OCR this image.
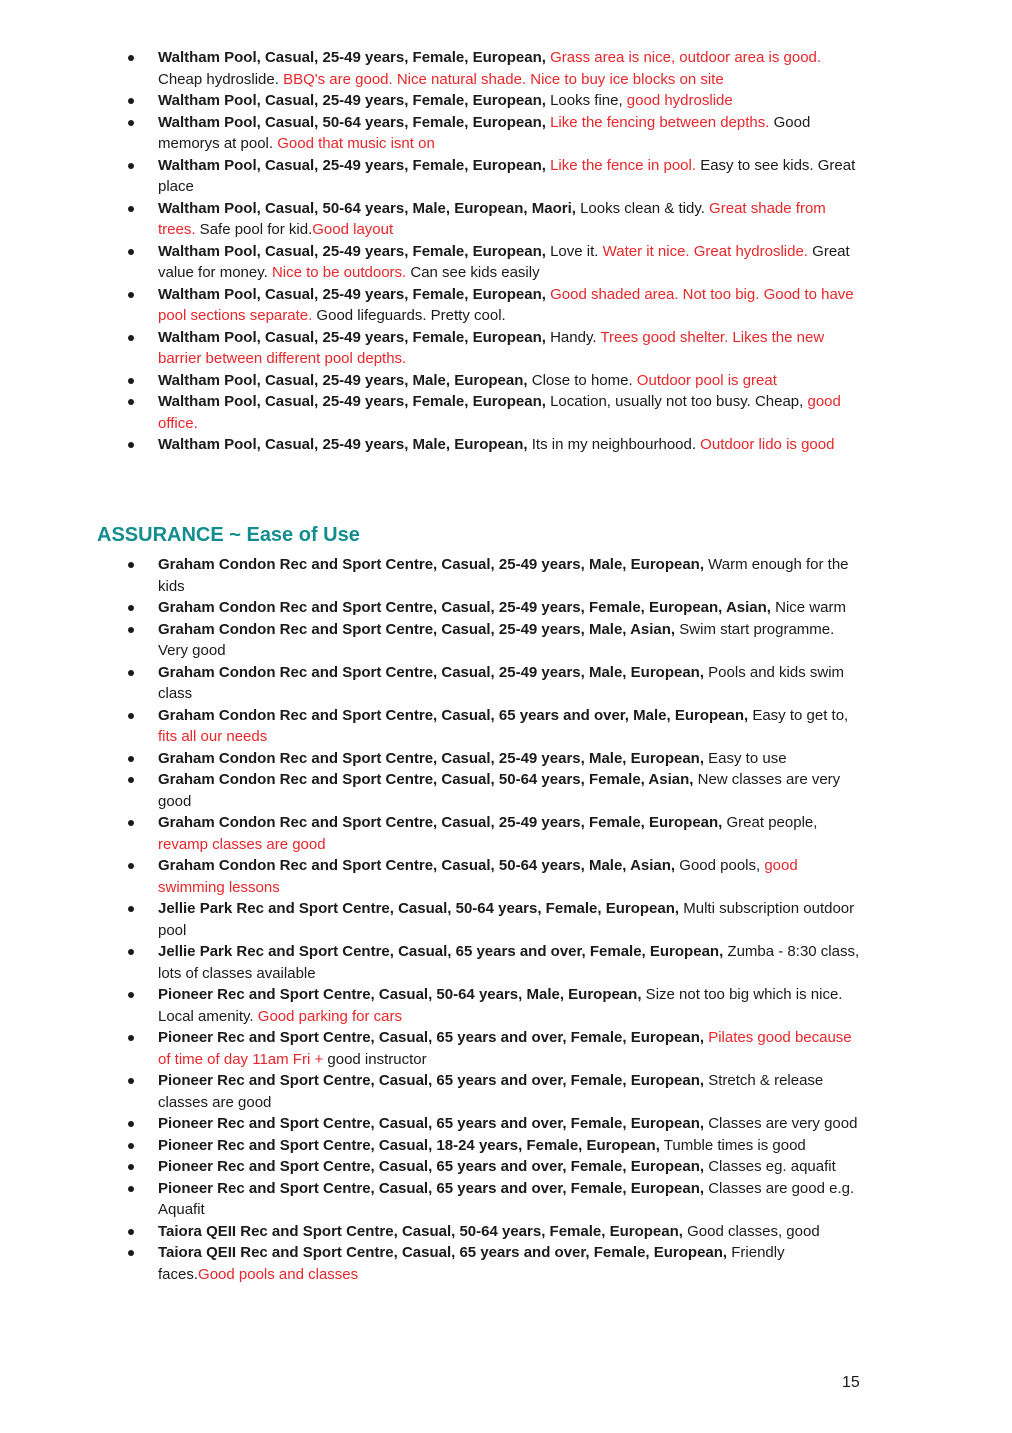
Waltham Pool, Casual, 25-49 years, Female, European, Grass area is nice, outdoor area is good. Cheap hydroslide. BBQ's are good. Nice natural shade. Nice to buy ice blocks on site
Waltham Pool, Casual, 25-49 years, Female, European, Looks fine, good hydroslide
Waltham Pool, Casual, 50-64 years, Female, European, Like the fencing between depths. Good memorys at pool. Good that music isnt on
Waltham Pool, Casual, 25-49 years, Female, European, Like the fence in pool. Easy to see kids. Great place
Waltham Pool, Casual, 50-64 years, Male, European, Maori, Looks clean & tidy. Great shade from trees. Safe pool for kid.Good layout
Waltham Pool, Casual, 25-49 years, Female, European, Love it. Water it nice. Great hydroslide. Great value for money. Nice to be outdoors. Can see kids easily
Waltham Pool, Casual, 25-49 years, Female, European, Good shaded area. Not too big. Good to have pool sections separate. Good lifeguards. Pretty cool.
Waltham Pool, Casual, 25-49 years, Female, European, Handy. Trees good shelter. Likes the new barrier between different pool depths.
Waltham Pool, Casual, 25-49 years, Male, European, Close to home. Outdoor pool is great
Waltham Pool, Casual, 25-49 years, Female, European, Location, usually not too busy. Cheap, good office.
Waltham Pool, Casual, 25-49 years, Male, European, Its in my neighbourhood. Outdoor lido is good
ASSURANCE ~ Ease of Use
Graham Condon Rec and Sport Centre, Casual, 25-49 years, Male, European, Warm enough for the kids
Graham Condon Rec and Sport Centre, Casual, 25-49 years, Female, European, Asian, Nice warm
Graham Condon Rec and Sport Centre, Casual, 25-49 years, Male, Asian, Swim start programme. Very good
Graham Condon Rec and Sport Centre, Casual, 25-49 years, Male, European, Pools and kids swim class
Graham Condon Rec and Sport Centre, Casual, 65 years and over, Male, European, Easy to get to, fits all our needs
Graham Condon Rec and Sport Centre, Casual, 25-49 years, Male, European, Easy to use
Graham Condon Rec and Sport Centre, Casual, 50-64 years, Female, Asian, New classes are very good
Graham Condon Rec and Sport Centre, Casual, 25-49 years, Female, European, Great people, revamp classes are good
Graham Condon Rec and Sport Centre, Casual, 50-64 years, Male, Asian, Good pools, good swimming lessons
Jellie Park Rec and Sport Centre, Casual, 50-64 years, Female, European, Multi subscription outdoor pool
Jellie Park Rec and Sport Centre, Casual, 65 years and over, Female, European, Zumba - 8:30 class, lots of classes available
Pioneer Rec and Sport Centre, Casual, 50-64 years, Male, European, Size not too big which is nice. Local amenity. Good parking for cars
Pioneer Rec and Sport Centre, Casual, 65 years and over, Female, European, Pilates good because of time of day 11am Fri + good instructor
Pioneer Rec and Sport Centre, Casual, 65 years and over, Female, European, Stretch & release classes are good
Pioneer Rec and Sport Centre, Casual, 65 years and over, Female, European, Classes are very good
Pioneer Rec and Sport Centre, Casual, 18-24 years, Female, European, Tumble times is good
Pioneer Rec and Sport Centre, Casual, 65 years and over, Female, European, Classes eg. aquafit
Pioneer Rec and Sport Centre, Casual, 65 years and over, Female, European, Classes are good e.g. Aquafit
Taiora QEII Rec and Sport Centre, Casual, 50-64 years, Female, European, Good classes, good
Taiora QEII Rec and Sport Centre, Casual, 65 years and over, Female, European, Friendly faces.Good pools and classes
15
